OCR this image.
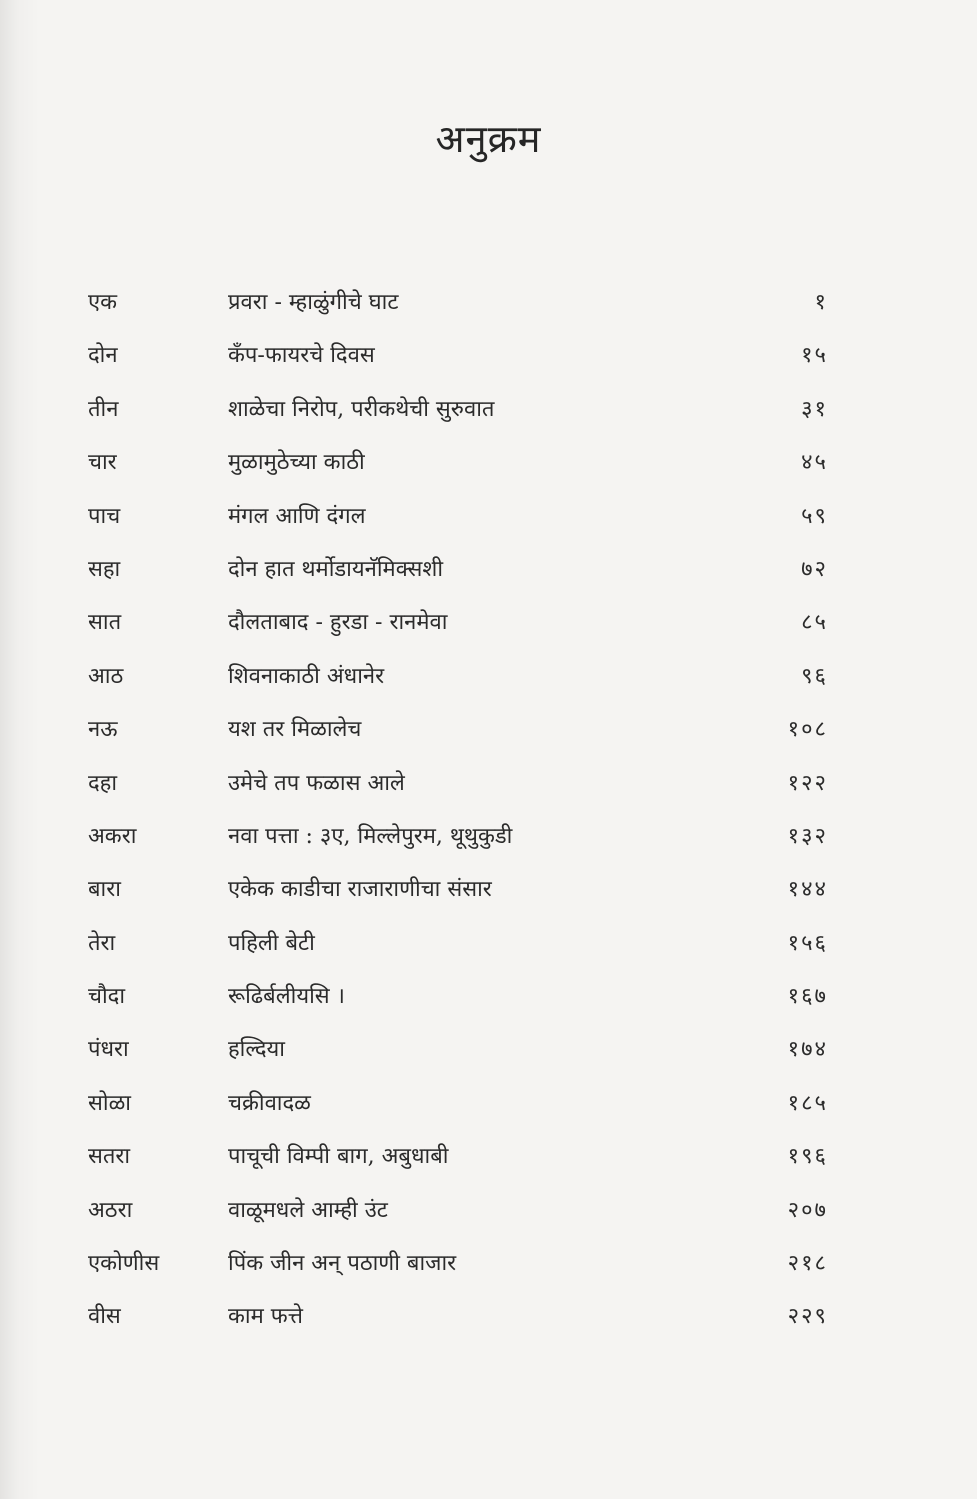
अनुक्रम
एक	प्रवरा - म्हाळुंगीचे घाट	१
दोन	कँप-फायरचे दिवस	१५
तीन	शाळेचा निरोप, परीकथेची सुरुवात	३१
चार	मुळामुठेच्या काठी	४५
पाच	मंगल आणि दंगल	५९
सहा	दोन हात थर्मोडायनॅमिक्सशी	७२
सात	दौलताबाद - हुरडा - रानमेवा	८५
आठ	शिवनाकाठी अंधानेर	९६
नऊ	यश तर मिळालेच	१०८
दहा	उमेचे तप फळास आले	१२२
अकरा	नवा पत्ता : ३ए, मिल्लेपुरम, थूथुकुडी	१३२
बारा	एकेक काडीचा राजाराणीचा संसार	१४४
तेरा	पहिली बेटी	१५६
चौदा	रूढिर्बलीयसि ।	१६७
पंधरा	हल्दिया	१७४
सोळा	चक्रीवादळ	१८५
सतरा	पाचूची विम्पी बाग, अबुधाबी	१९६
अठरा	वाळूमधले आम्ही उंट	२०७
एकोणीस	पिंक जीन अन् पठाणी बाजार	२१८
वीस	काम फत्ते	२२९
